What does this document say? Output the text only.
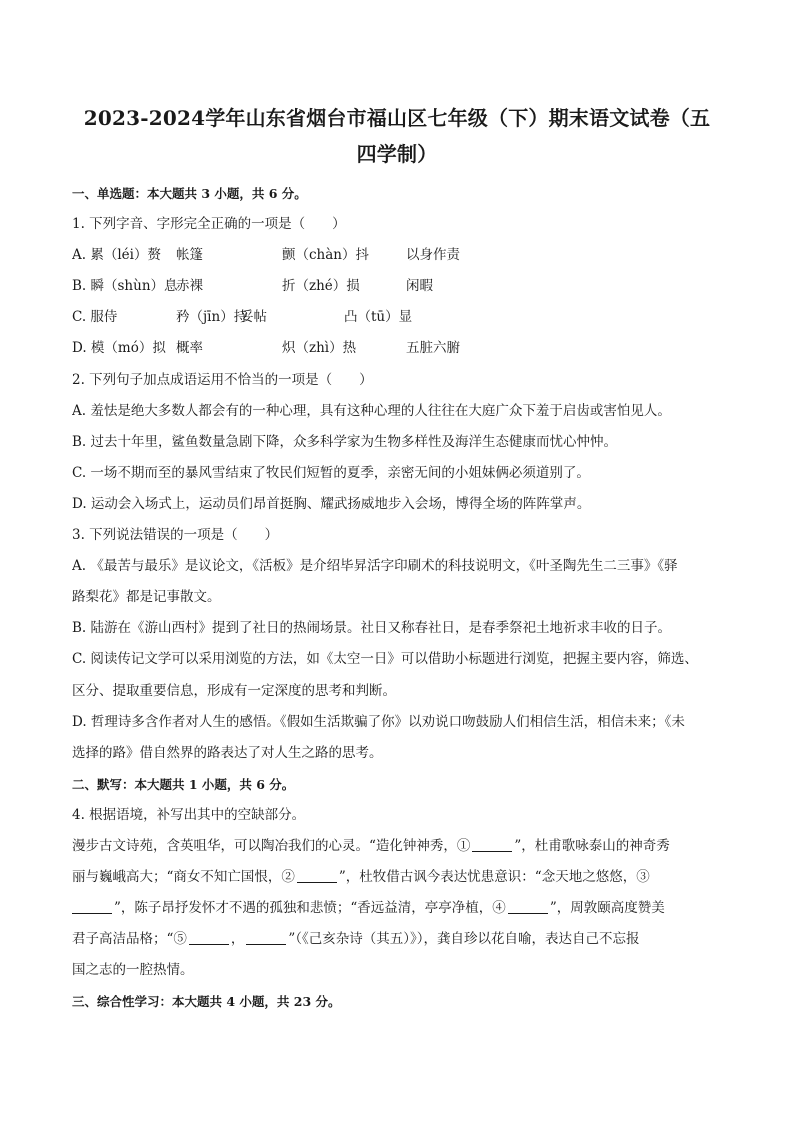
2023-2024学年山东省烟台市福山区七年级（下）期末语文试卷（五
四学制）
一、单选题：本大题共 3 小题，共 6 分。
1. 下列字音、字形完全正确的一项是（　　）
A. 累（léi）赘 帐篷	颤（chàn）抖	以身作责
B. 瞬（shùn）息赤裸	折（zhé）损	闲暇
C. 服侍	矜（jīn）持妥帖	凸（tū）显
D. 模（mó）拟 概率	炽（zhì）热	五脏六腑
2. 下列句子加点成语运用不恰当的一项是（　　）
A. 羞怯是绝大多数人都会有的一种心理，具有这种心理的人往往在大庭广众下羞于启齿或害怕见人。
B. 过去十年里，鲨鱼数量急剧下降，众多科学家为生物多样性及海洋生态健康而忧心忡忡。
C. 一场不期而至的暴风雪结束了牧民们短暂的夏季，亲密无间的小姐妹俩必须道别了。
D. 运动会入场式上，运动员们昂首挺胸、耀武扬威地步入会场，博得全场的阵阵掌声。
3. 下列说法错误的一项是（　　）
A. 《最苦与最乐》是议论文，《活板》是介绍毕昇活字印刷术的科技说明文，《叶圣陶先生二三事》《驿
路梨花》都是记事散文。
B. 陆游在《游山西村》提到了社日的热闹场景。社日又称春社日，是春季祭祀土地祈求丰收的日子。
C. 阅读传记文学可以采用浏览的方法，如《太空一日》可以借助小标题进行浏览，把握主要内容，筛选、
区分、提取重要信息，形成有一定深度的思考和判断。
D. 哲理诗多含作者对人生的感悟。《假如生活欺骗了你》以劝说口吻鼓励人们相信生活，相信未来；《未
选择的路》借自然界的路表达了对人生之路的思考。
二、默写：本大题共 1 小题，共 6 分。
4. 根据语境，补写出其中的空缺部分。
漫步古文诗苑，含英咀华，可以陶冶我们的心灵。“造化钟神秀，①	”，杜甫歌咏泰山的神奇秀
丽与巍峨高大；“商女不知亡国恨，②	”，杜牧借古讽今表达忧患意识：“念天地之悠悠，③
”，陈子昂抒发怀才不遇的孤独和悲愤；“香远益清，亭亭净植，④	”，周敦颐高度赞美
君子高洁品格；“⑤	，	”（《己亥杂诗（其五）》），龚自珍以花自喻，表达自己不忘报
国之志的一腔热情。
三、综合性学习：本大题共 4 小题，共 23 分。
